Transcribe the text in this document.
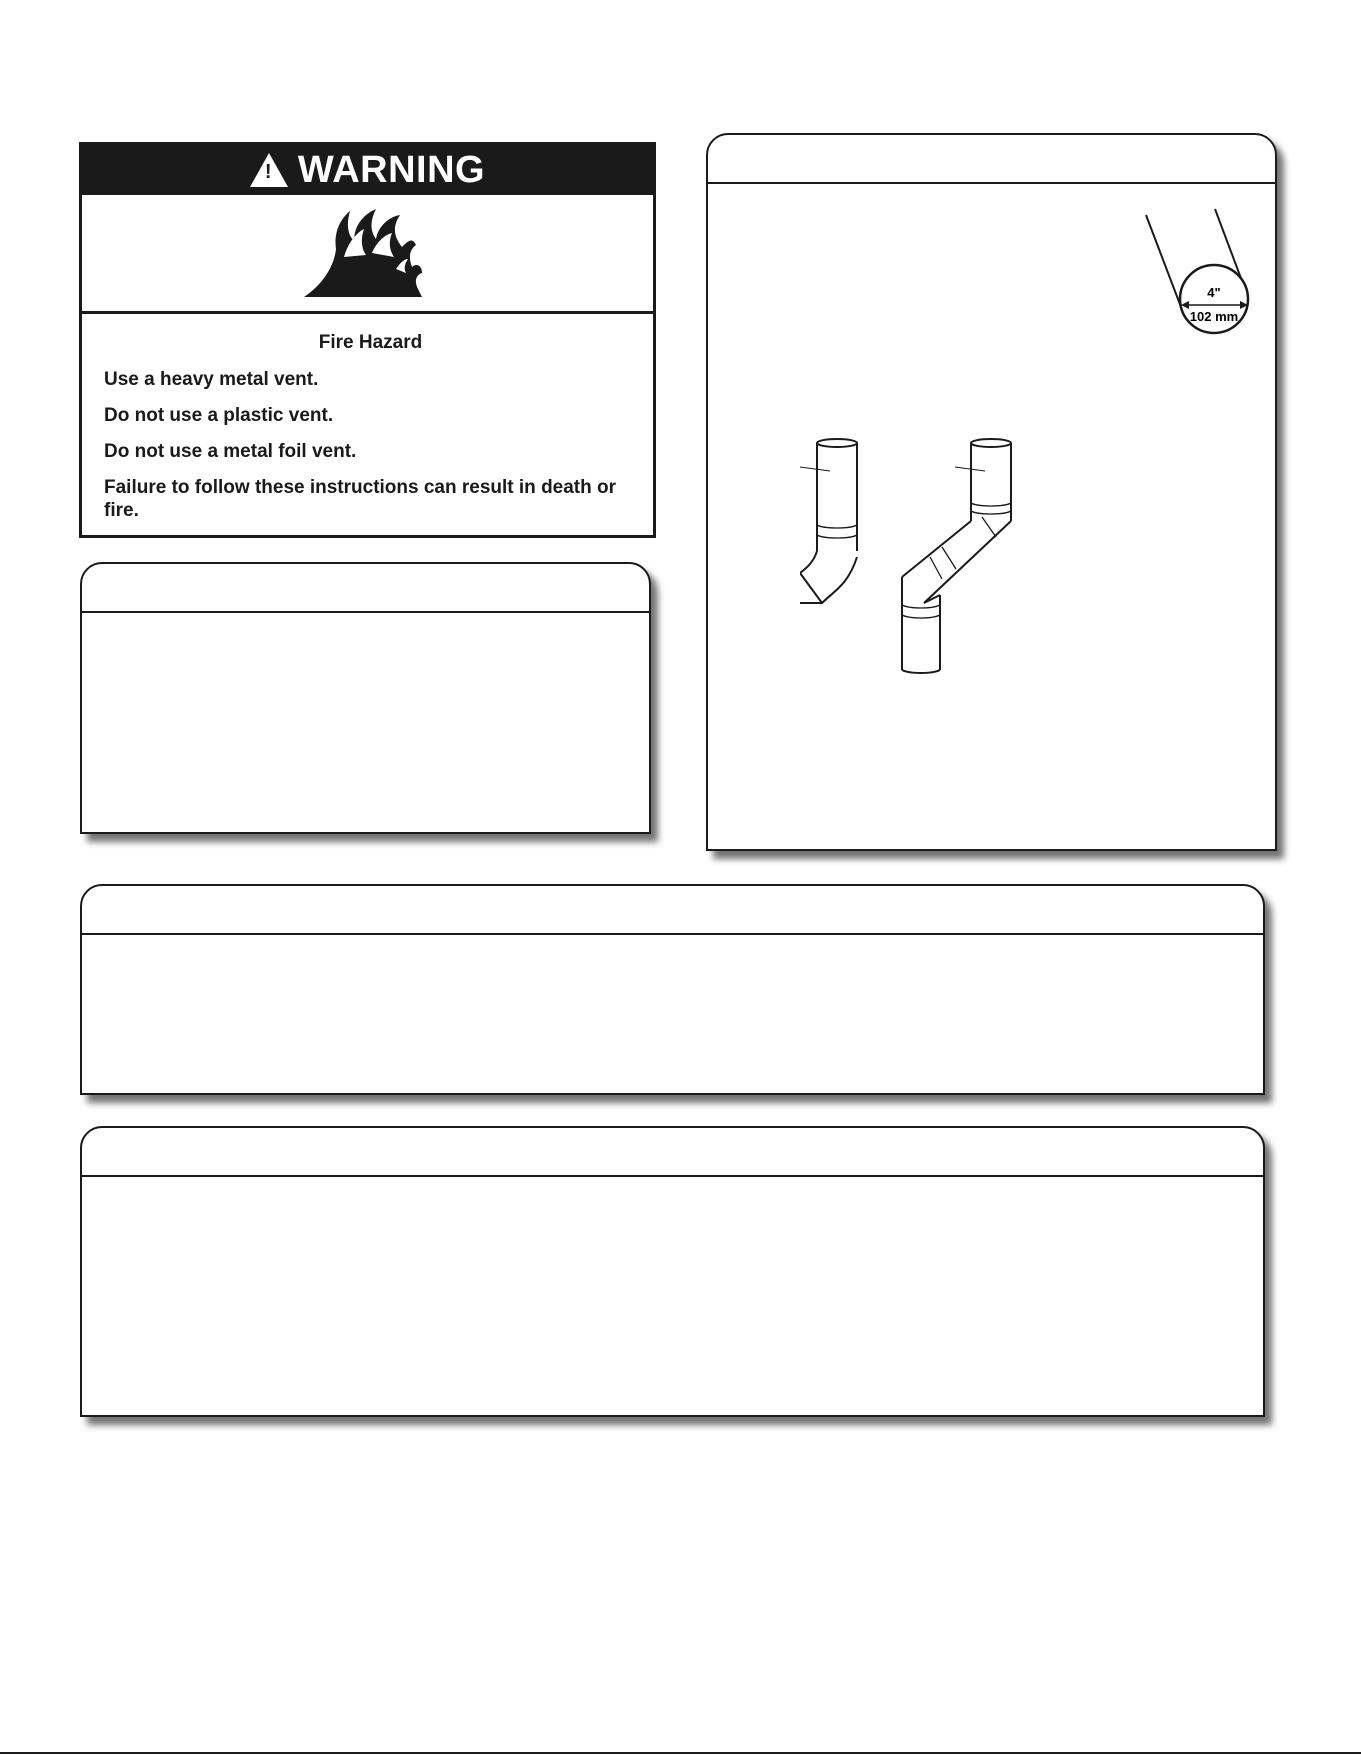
! WARNING
Fire Hazard
Use a heavy metal vent.
Do not use a plastic vent.
Do not use a metal foil vent.
Failure to follow these instructions can result in death or fire.
4"
102 mm
